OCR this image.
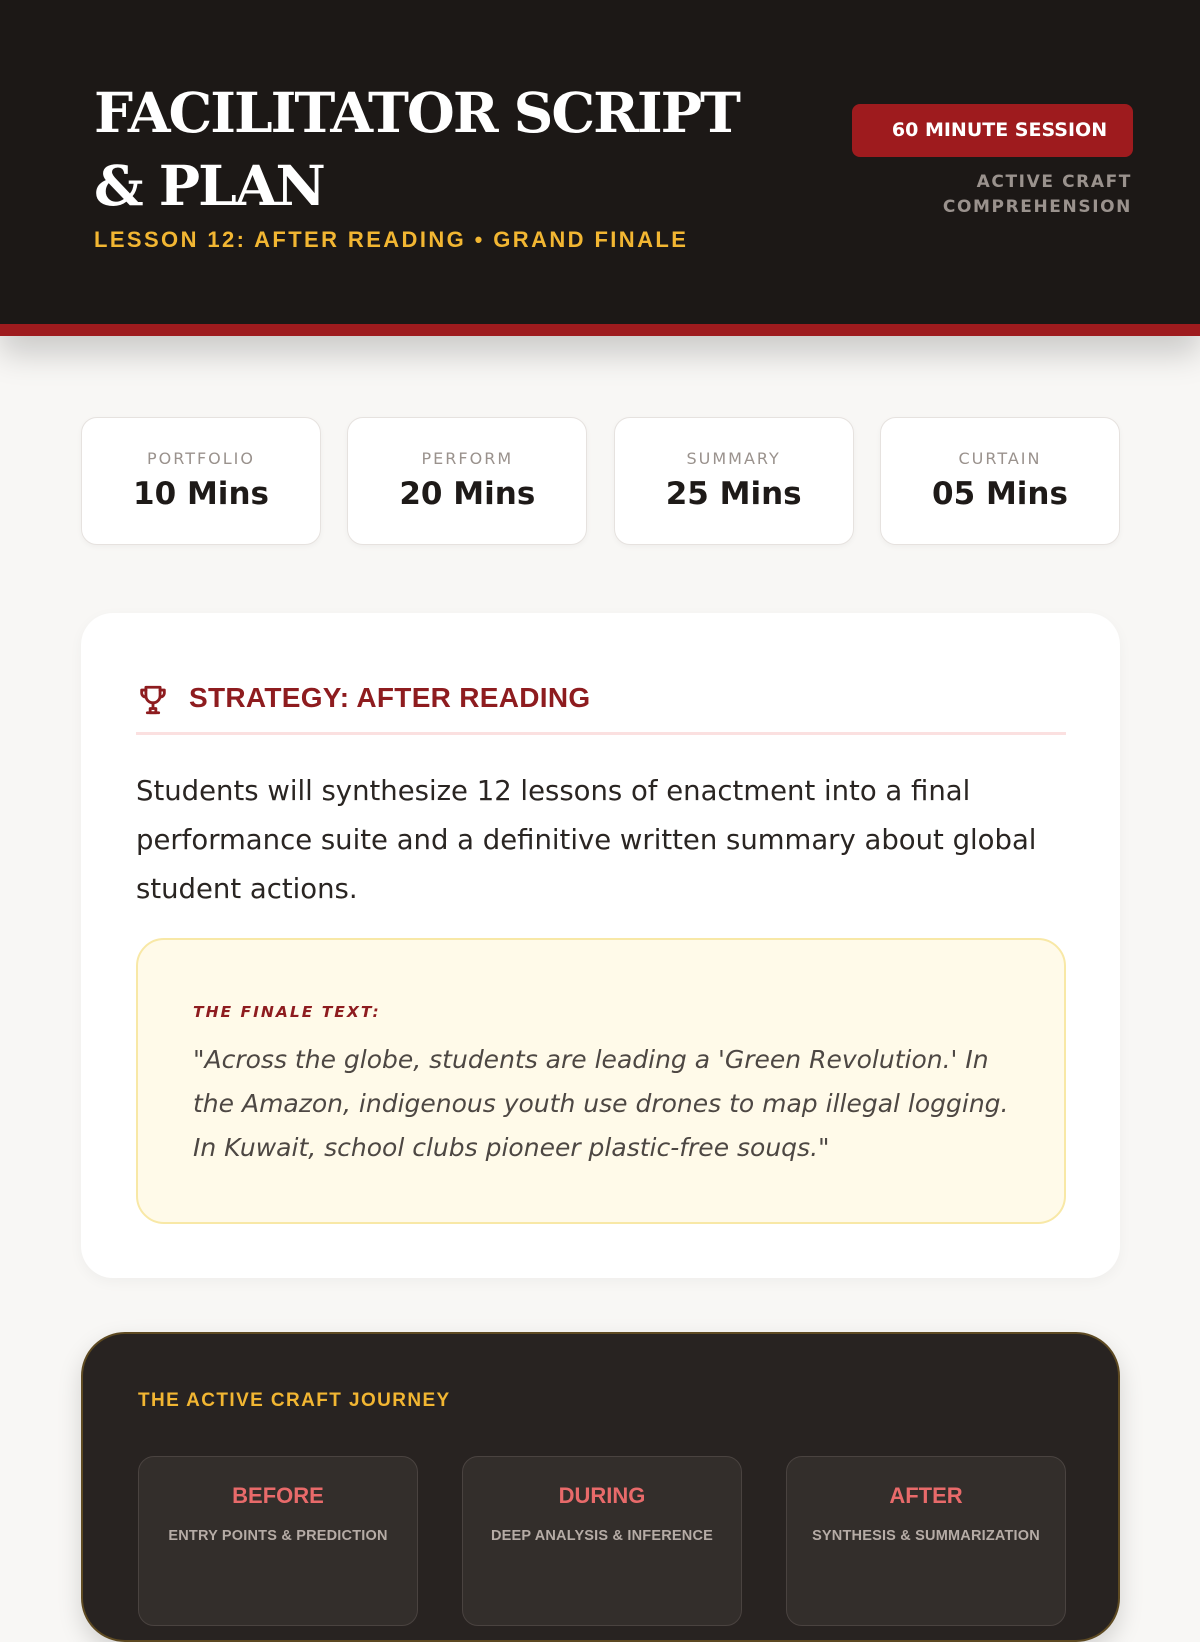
FACILITATOR SCRIPT & PLAN
LESSON 12: AFTER READING • GRAND FINALE
60 MINUTE SESSION
ACTIVE CRAFT
COMPREHENSION
PORTFOLIO
10 Mins
PERFORM
20 Mins
SUMMARY
25 Mins
CURTAIN
05 Mins
STRATEGY: AFTER READING

Students will synthesize 12 lessons of enactment into a final performance suite and a definitive written summary about global student actions.

THE FINALE TEXT:

"Across the globe, students are leading a 'Green Revolution.' In the Amazon, indigenous youth use drones to map illegal logging. In Kuwait, school clubs pioneer plastic-free souqs."

THE ACTIVE CRAFT JOURNEY
BEFORE
ENTRY POINTS & PREDICTION
DURING
DEEP ANALYSIS & INFERENCE
AFTER
SYNTHESIS & SUMMARIZATION
